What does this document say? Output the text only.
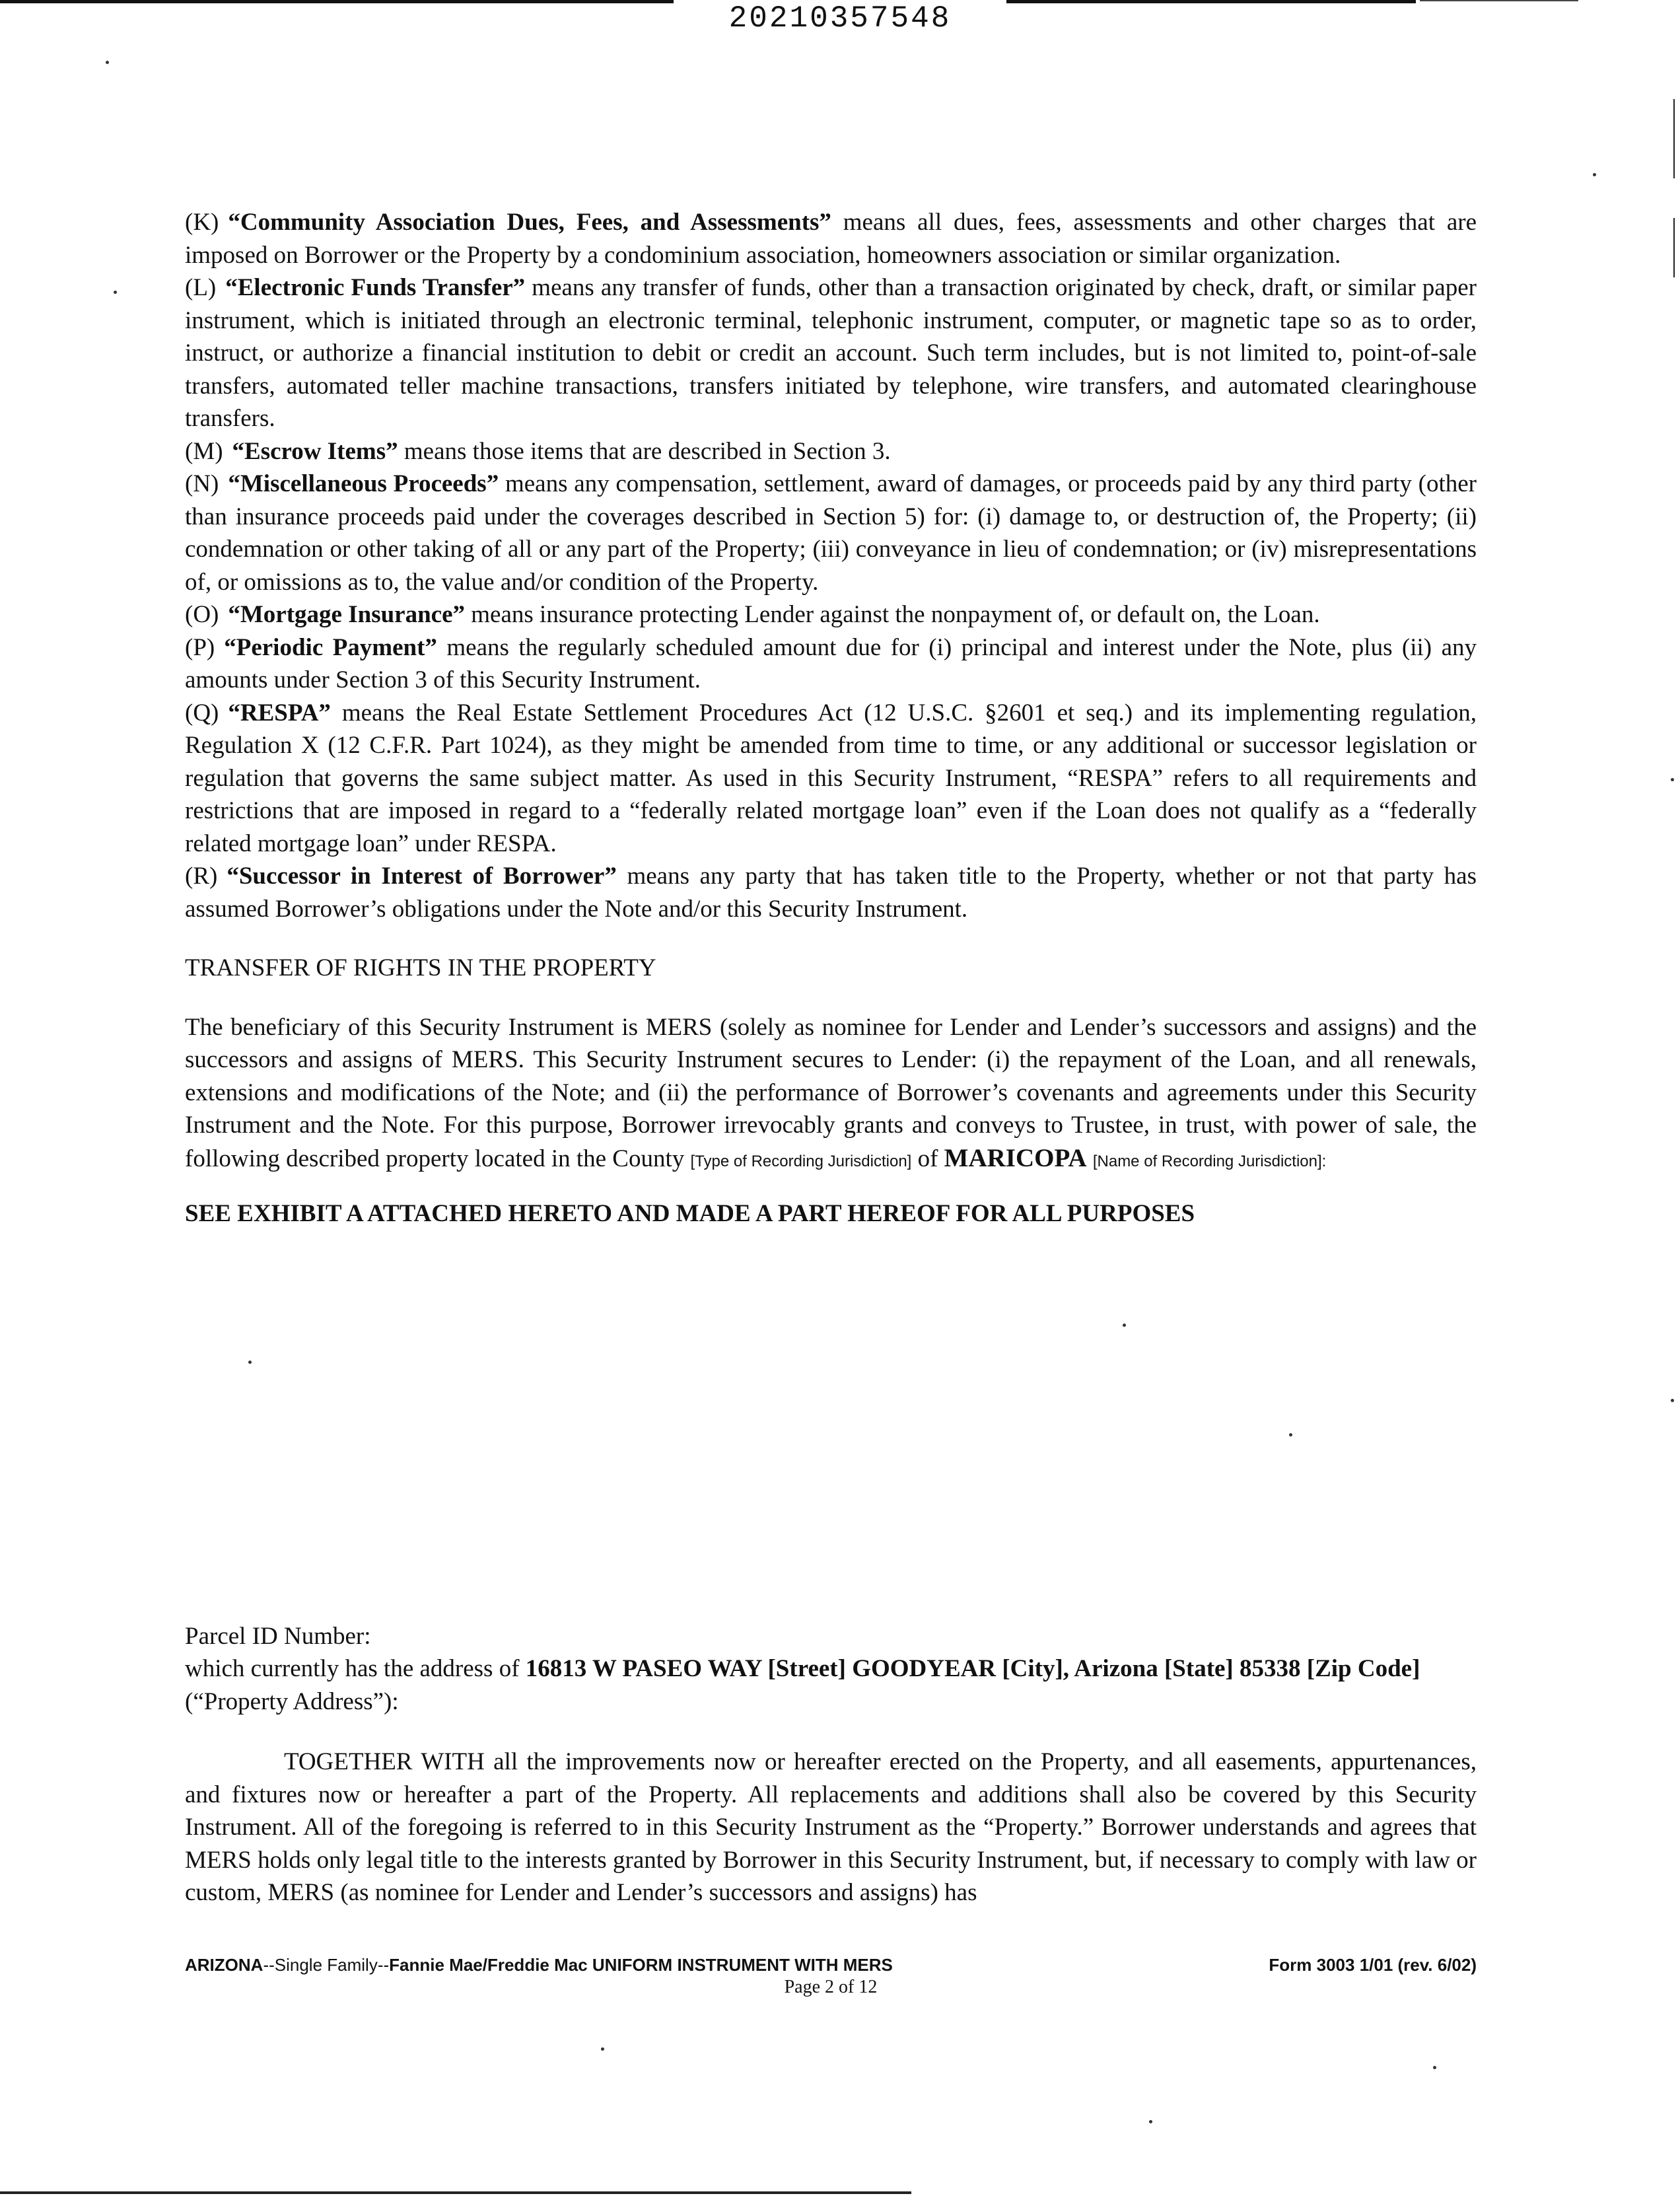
20210357548

(K) “Community Association Dues, Fees, and Assessments” means all dues, fees, assessments and other charges that are imposed on Borrower or the Property by a condominium association, homeowners association or similar organization.

(L) “Electronic Funds Transfer” means any transfer of funds, other than a transaction originated by check, draft, or similar paper instrument, which is initiated through an electronic terminal, telephonic instrument, computer, or magnetic tape so as to order, instruct, or authorize a financial institution to debit or credit an account. Such term includes, but is not limited to, point-of-sale transfers, automated teller machine transactions, transfers initiated by telephone, wire transfers, and automated clearinghouse transfers.

(M) “Escrow Items” means those items that are described in Section 3.

(N) “Miscellaneous Proceeds” means any compensation, settlement, award of damages, or proceeds paid by any third party (other than insurance proceeds paid under the coverages described in Section 5) for: (i) damage to, or destruction of, the Property; (ii) condemnation or other taking of all or any part of the Property; (iii) conveyance in lieu of condemnation; or (iv) misrepresentations of, or omissions as to, the value and/or condition of the Property.

(O) “Mortgage Insurance” means insurance protecting Lender against the nonpayment of, or default on, the Loan.

(P) “Periodic Payment” means the regularly scheduled amount due for (i) principal and interest under the Note, plus (ii) any amounts under Section 3 of this Security Instrument.

(Q) “RESPA” means the Real Estate Settlement Procedures Act (12 U.S.C. §2601 et seq.) and its implementing regulation, Regulation X (12 C.F.R. Part 1024), as they might be amended from time to time, or any additional or successor legislation or regulation that governs the same subject matter. As used in this Security Instrument, “RESPA” refers to all requirements and restrictions that are imposed in regard to a “federally related mortgage loan” even if the Loan does not qualify as a “federally related mortgage loan” under RESPA.

(R) “Successor in Interest of Borrower” means any party that has taken title to the Property, whether or not that party has assumed Borrower’s obligations under the Note and/or this Security Instrument.

TRANSFER OF RIGHTS IN THE PROPERTY

The beneficiary of this Security Instrument is MERS (solely as nominee for Lender and Lender’s successors and assigns) and the successors and assigns of MERS. This Security Instrument secures to Lender: (i) the repayment of the Loan, and all renewals, extensions and modifications of the Note; and (ii) the performance of Borrower’s covenants and agreements under this Security Instrument and the Note. For this purpose, Borrower irrevocably grants and conveys to Trustee, in trust, with power of sale, the following described property located in the County [Type of Recording Jurisdiction] of MARICOPA [Name of Recording Jurisdiction]:

SEE EXHIBIT A ATTACHED HERETO AND MADE A PART HEREOF FOR ALL PURPOSES

Parcel ID Number:

which currently has the address of 16813 W PASEO WAY [Street] GOODYEAR [City], Arizona [State] 85338 [Zip Code] (“Property Address”):

TOGETHER WITH all the improvements now or hereafter erected on the Property, and all easements, appurtenances, and fixtures now or hereafter a part of the Property. All replacements and additions shall also be covered by this Security Instrument. All of the foregoing is referred to in this Security Instrument as the “Property.” Borrower understands and agrees that MERS holds only legal title to the interests granted by Borrower in this Security Instrument, but, if necessary to comply with law or custom, MERS (as nominee for Lender and Lender’s successors and assigns) has

ARIZONA--Single Family--Fannie Mae/Freddie Mac UNIFORM INSTRUMENT WITH MERS	Form 3003 1/01 (rev. 6/02)
Page 2 of 12
